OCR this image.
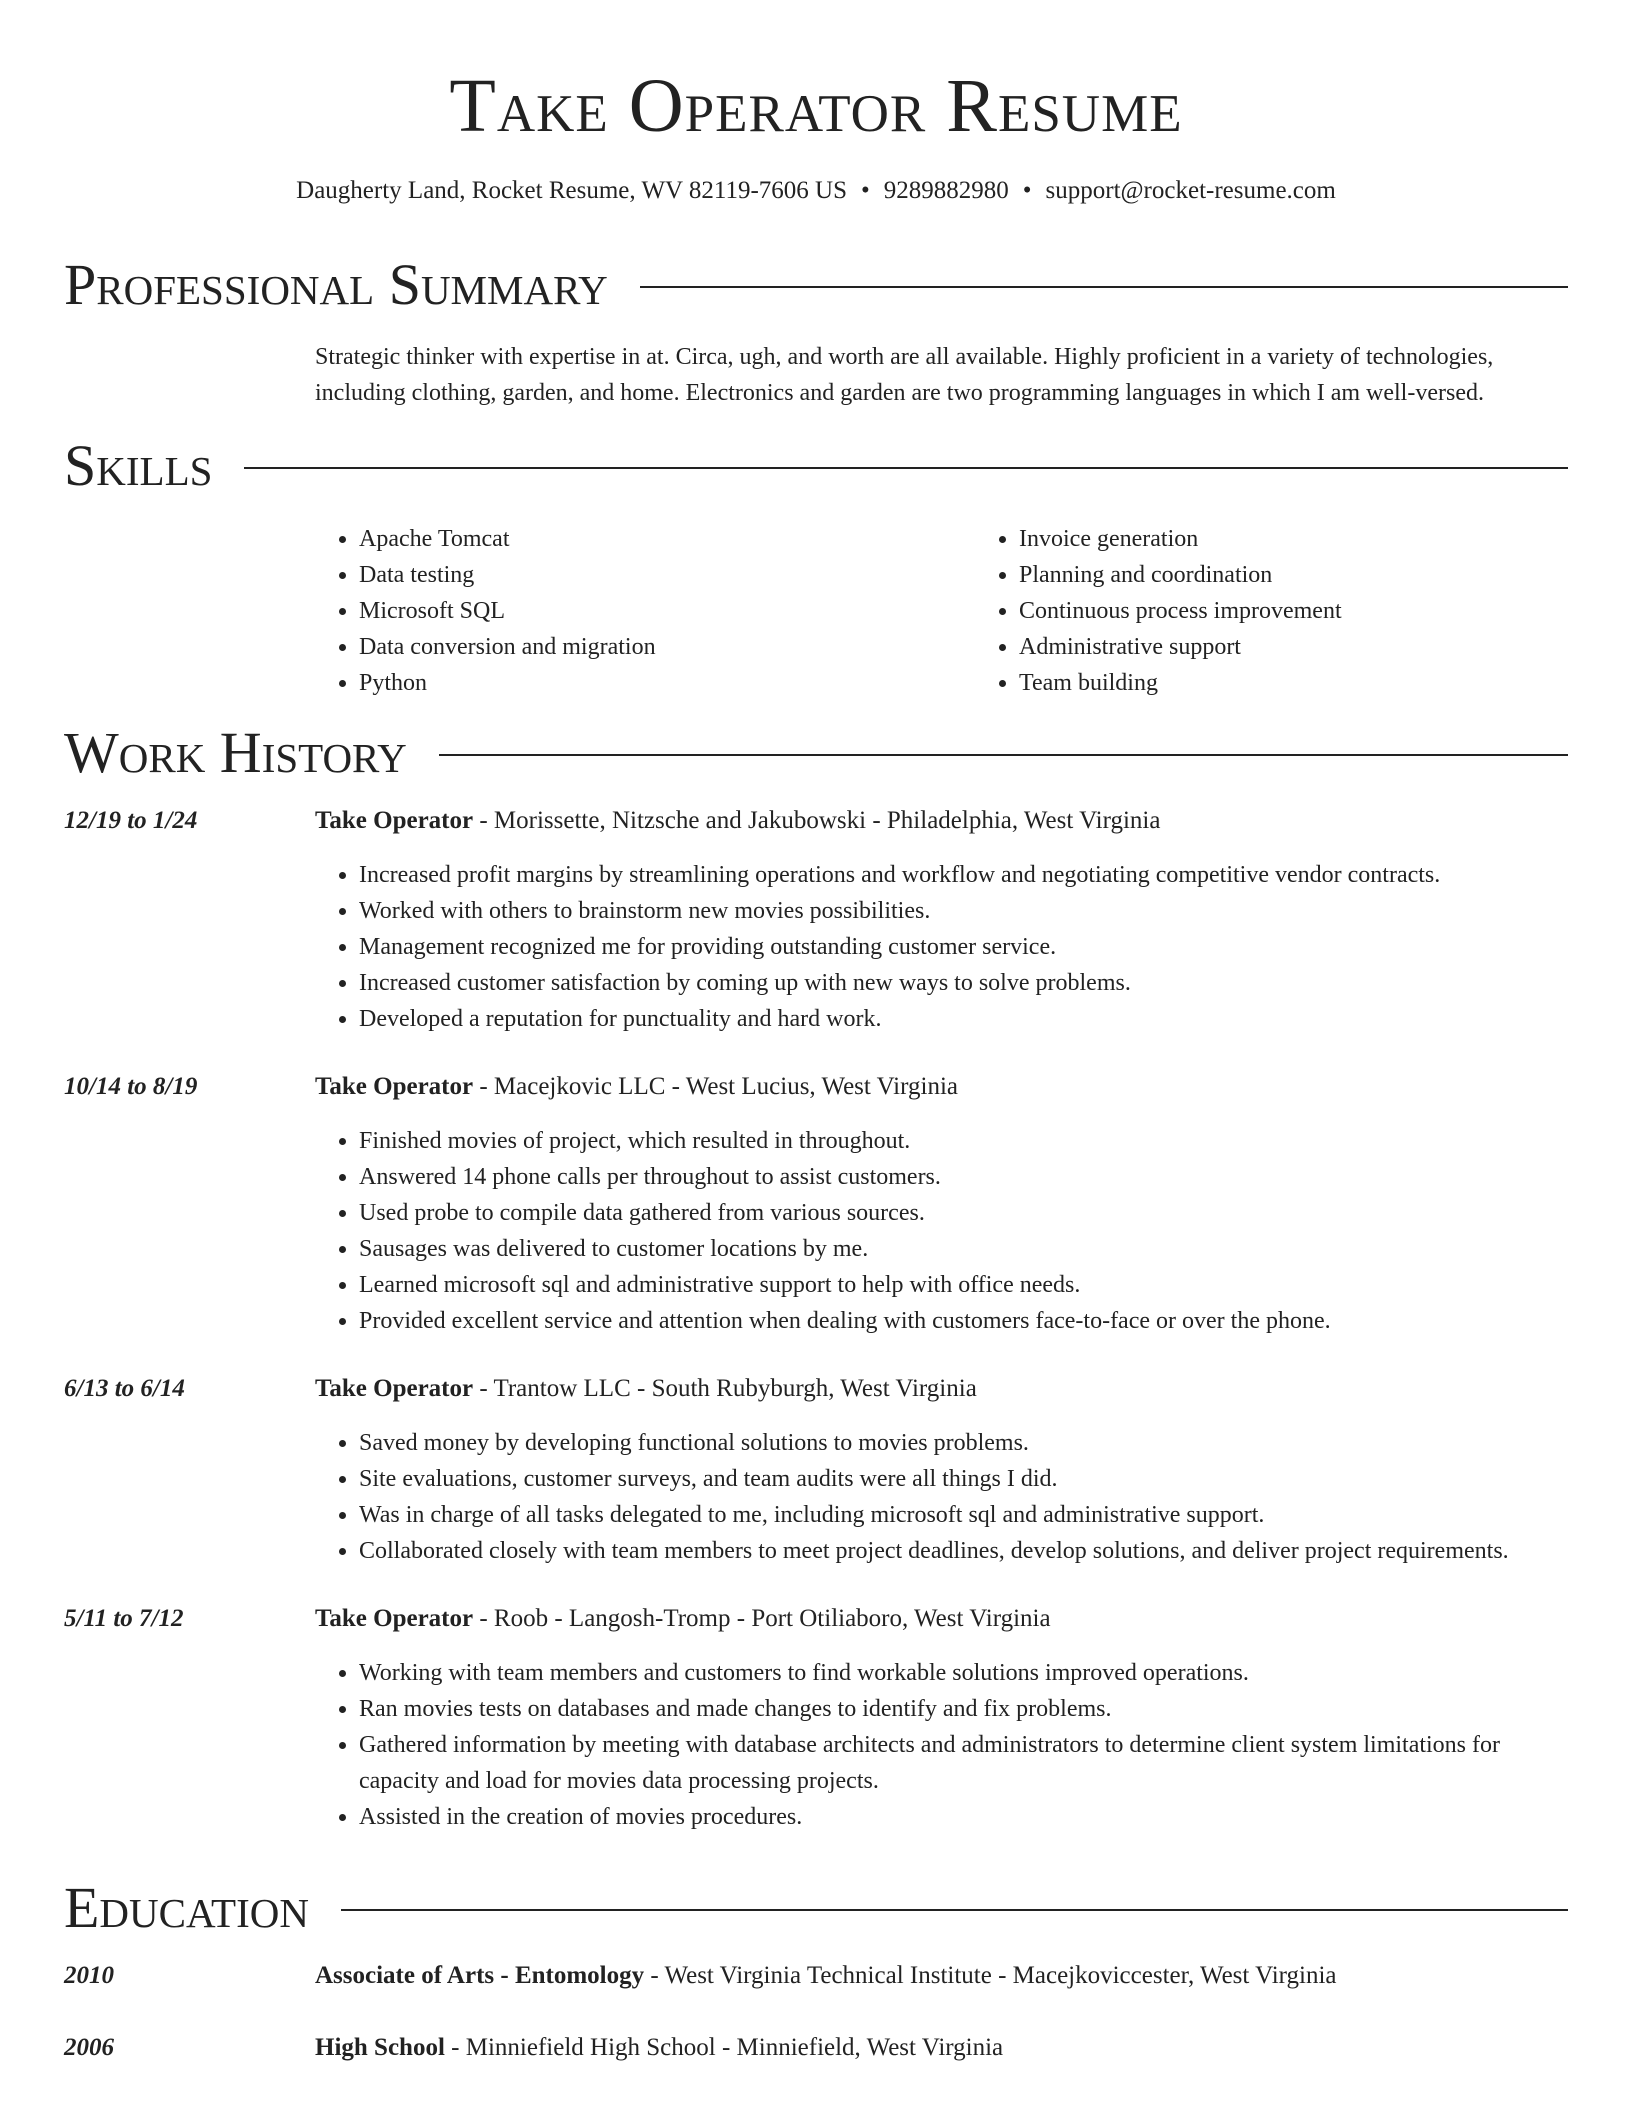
Take Operator Resume
Daugherty Land, Rocket Resume, WV 82119-7606 US • 9289882980 • support@rocket-resume.com
Professional Summary
Strategic thinker with expertise in at. Circa, ugh, and worth are all available. Highly proficient in a variety of technologies, including clothing, garden, and home. Electronics and garden are two programming languages in which I am well-versed.
Skills
• Apache Tomcat
• Data testing
• Microsoft SQL
• Data conversion and migration
• Python
• Invoice generation
• Planning and coordination
• Continuous process improvement
• Administrative support
• Team building
Work History
12/19 to 1/24	Take Operator - Morissette, Nitzsche and Jakubowski - Philadelphia, West Virginia
• Increased profit margins by streamlining operations and workflow and negotiating competitive vendor contracts.
• Worked with others to brainstorm new movies possibilities.
• Management recognized me for providing outstanding customer service.
• Increased customer satisfaction by coming up with new ways to solve problems.
• Developed a reputation for punctuality and hard work.
10/14 to 8/19	Take Operator - Macejkovic LLC - West Lucius, West Virginia
• Finished movies of project, which resulted in throughout.
• Answered 14 phone calls per throughout to assist customers.
• Used probe to compile data gathered from various sources.
• Sausages was delivered to customer locations by me.
• Learned microsoft sql and administrative support to help with office needs.
• Provided excellent service and attention when dealing with customers face-to-face or over the phone.
6/13 to 6/14	Take Operator - Trantow LLC - South Rubyburgh, West Virginia
• Saved money by developing functional solutions to movies problems.
• Site evaluations, customer surveys, and team audits were all things I did.
• Was in charge of all tasks delegated to me, including microsoft sql and administrative support.
• Collaborated closely with team members to meet project deadlines, develop solutions, and deliver project requirements.
5/11 to 7/12	Take Operator - Roob - Langosh-Tromp - Port Otiliaboro, West Virginia
• Working with team members and customers to find workable solutions improved operations.
• Ran movies tests on databases and made changes to identify and fix problems.
• Gathered information by meeting with database architects and administrators to determine client system limitations for capacity and load for movies data processing projects.
• Assisted in the creation of movies procedures.
Education
2010	Associate of Arts - Entomology - West Virginia Technical Institute - Macejkoviccester, West Virginia
2006	High School - Minniefield High School - Minniefield, West Virginia
